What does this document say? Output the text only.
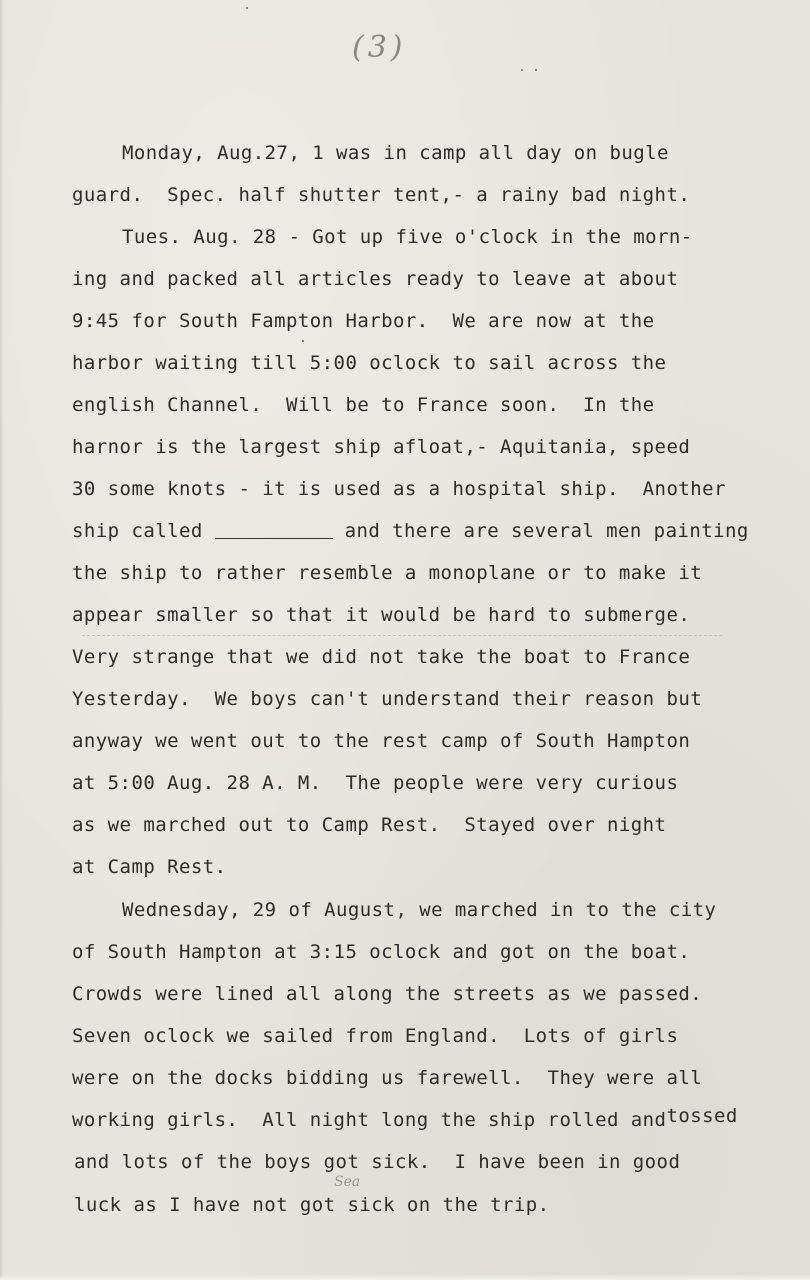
(3)
Monday, Aug.27, 1 was in camp all day on bugle
guard.  Spec. half shutter tent,- a rainy bad night.
Tues. Aug. 28 - Got up five o'clock in the morn-
ing and packed all articles ready to leave at about
9:45 for South Fampton Harbor.  We are now at the
harbor waiting till 5:00 oclock to sail across the
english Channel.  Will be to France soon.  In the
harnor is the largest ship afloat,- Aquitania, speed
30 some knots - it is used as a hospital ship.  Another
ship called	and there are several men painting
the ship to rather resemble a monoplane or to make it
appear smaller so that it would be hard to submerge.
Very strange that we did not take the boat to France
Yesterday.  We boys can't understand their reason but
anyway we went out to the rest camp of South Hampton
at 5:00 Aug. 28 A. M.  The people were very curious
as we marched out to Camp Rest.  Stayed over night
at Camp Rest.
Wednesday, 29 of August, we marched in to the city
of South Hampton at 3:15 oclock and got on the boat.
Crowds were lined all along the streets as we passed.
Seven oclock we sailed from England.  Lots of girls
were on the docks bidding us farewell.  They were all
working girls.  All night long the ship rolled andtossed
and lots of the boys got sick.  I have been in good
luck as I have not got sick on the trip.
Sea
